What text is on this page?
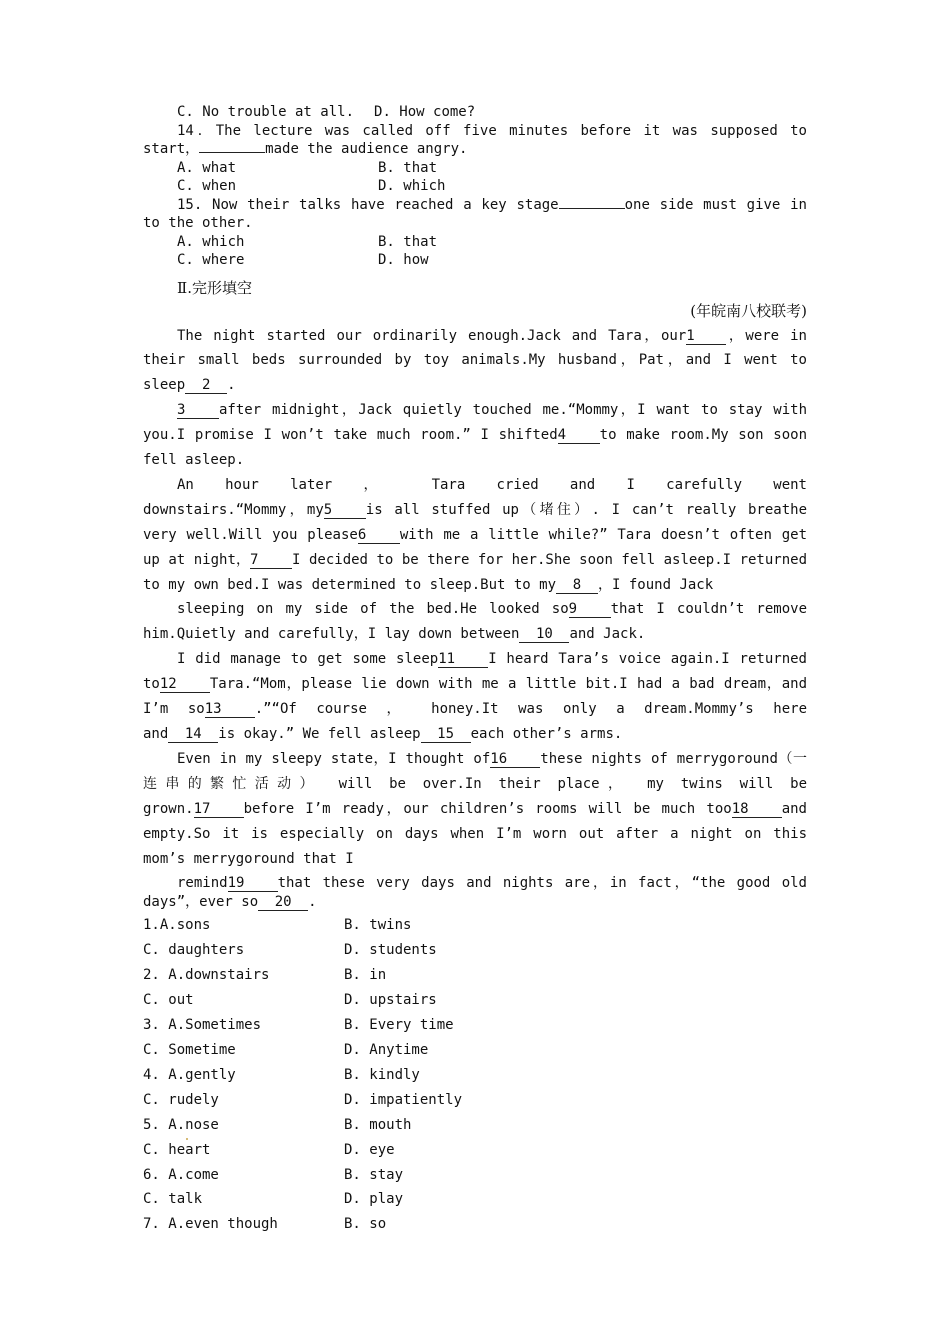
C. No trouble at all. D. How come?
14．The lecture was called off five minutes before it was supposed to
start，	made the audience angry.
A. what	B. that
C. when	D. which
15. Now their talks have reached a key stage	one side must give in
to the other.
A. which	B. that
C. where	D. how
Ⅱ.完形填空
(年皖南八校联考)

The night started our ordinarily enough.Jack and Tara，our1 ，were in

their small beds surrounded by toy animals.My husband，Pat，and I went to

sleep 2 .

3 after midnight，Jack quietly touched me.“Mommy，I want to stay with

you.I promise I won’t take much room.” I shifted4 to make room.My son soon

fell asleep.

An hour later ， Tara cried and I carefully went

downstairs.“Mommy，my5 is all stuffed up（堵住）. I can’t really breathe

very well.Will you please6 with me a little while?” Tara doesn’t often get

up at night，7 I decided to be there for her.She soon fell asleep.I returned

to my own bed.I was determined to sleep.But to my 8 ，I found Jack

sleeping on my side of the bed.He looked so9 that I couldn’t remove

him.Quietly and carefully，I lay down between 10 and Jack.

I did manage to get some sleep11 I heard Tara’s voice again.I returned

to12 Tara.“Mom，please lie down with me a little bit.I had a bad dream，and

I’m so13 .”“Of course ， honey.It was only a dream.Mommy’s here

and 14 is okay.” We fell asleep 15 each other’s arms.

Even in my sleepy state，I thought of16 these nights of merrygoround（一

连串的繁忙活动） will be over.In their place， my twins will be

grown.17 before I’m ready，our children’s rooms will be much too18 and

empty.So it is especially on days when I’m worn out after a night on this

mom’s merrygoround that I

remind19 that these very days and nights are，in fact，“the good old

days”，ever so 20 .

1.A.sons	B. twins
C. daughters	D. students
2. A.downstairs	B. in
C. out	D. upstairs
3. A.Sometimes	B. Every time
C. Sometime	D. Anytime
4. A.gently	B. kindly
C. rudely	D. impatiently
5. A.nose	B. mouth
C. heart	D. eye
6. A.come	B. stay
C. talk	D. play
7. A.even though	B. so
